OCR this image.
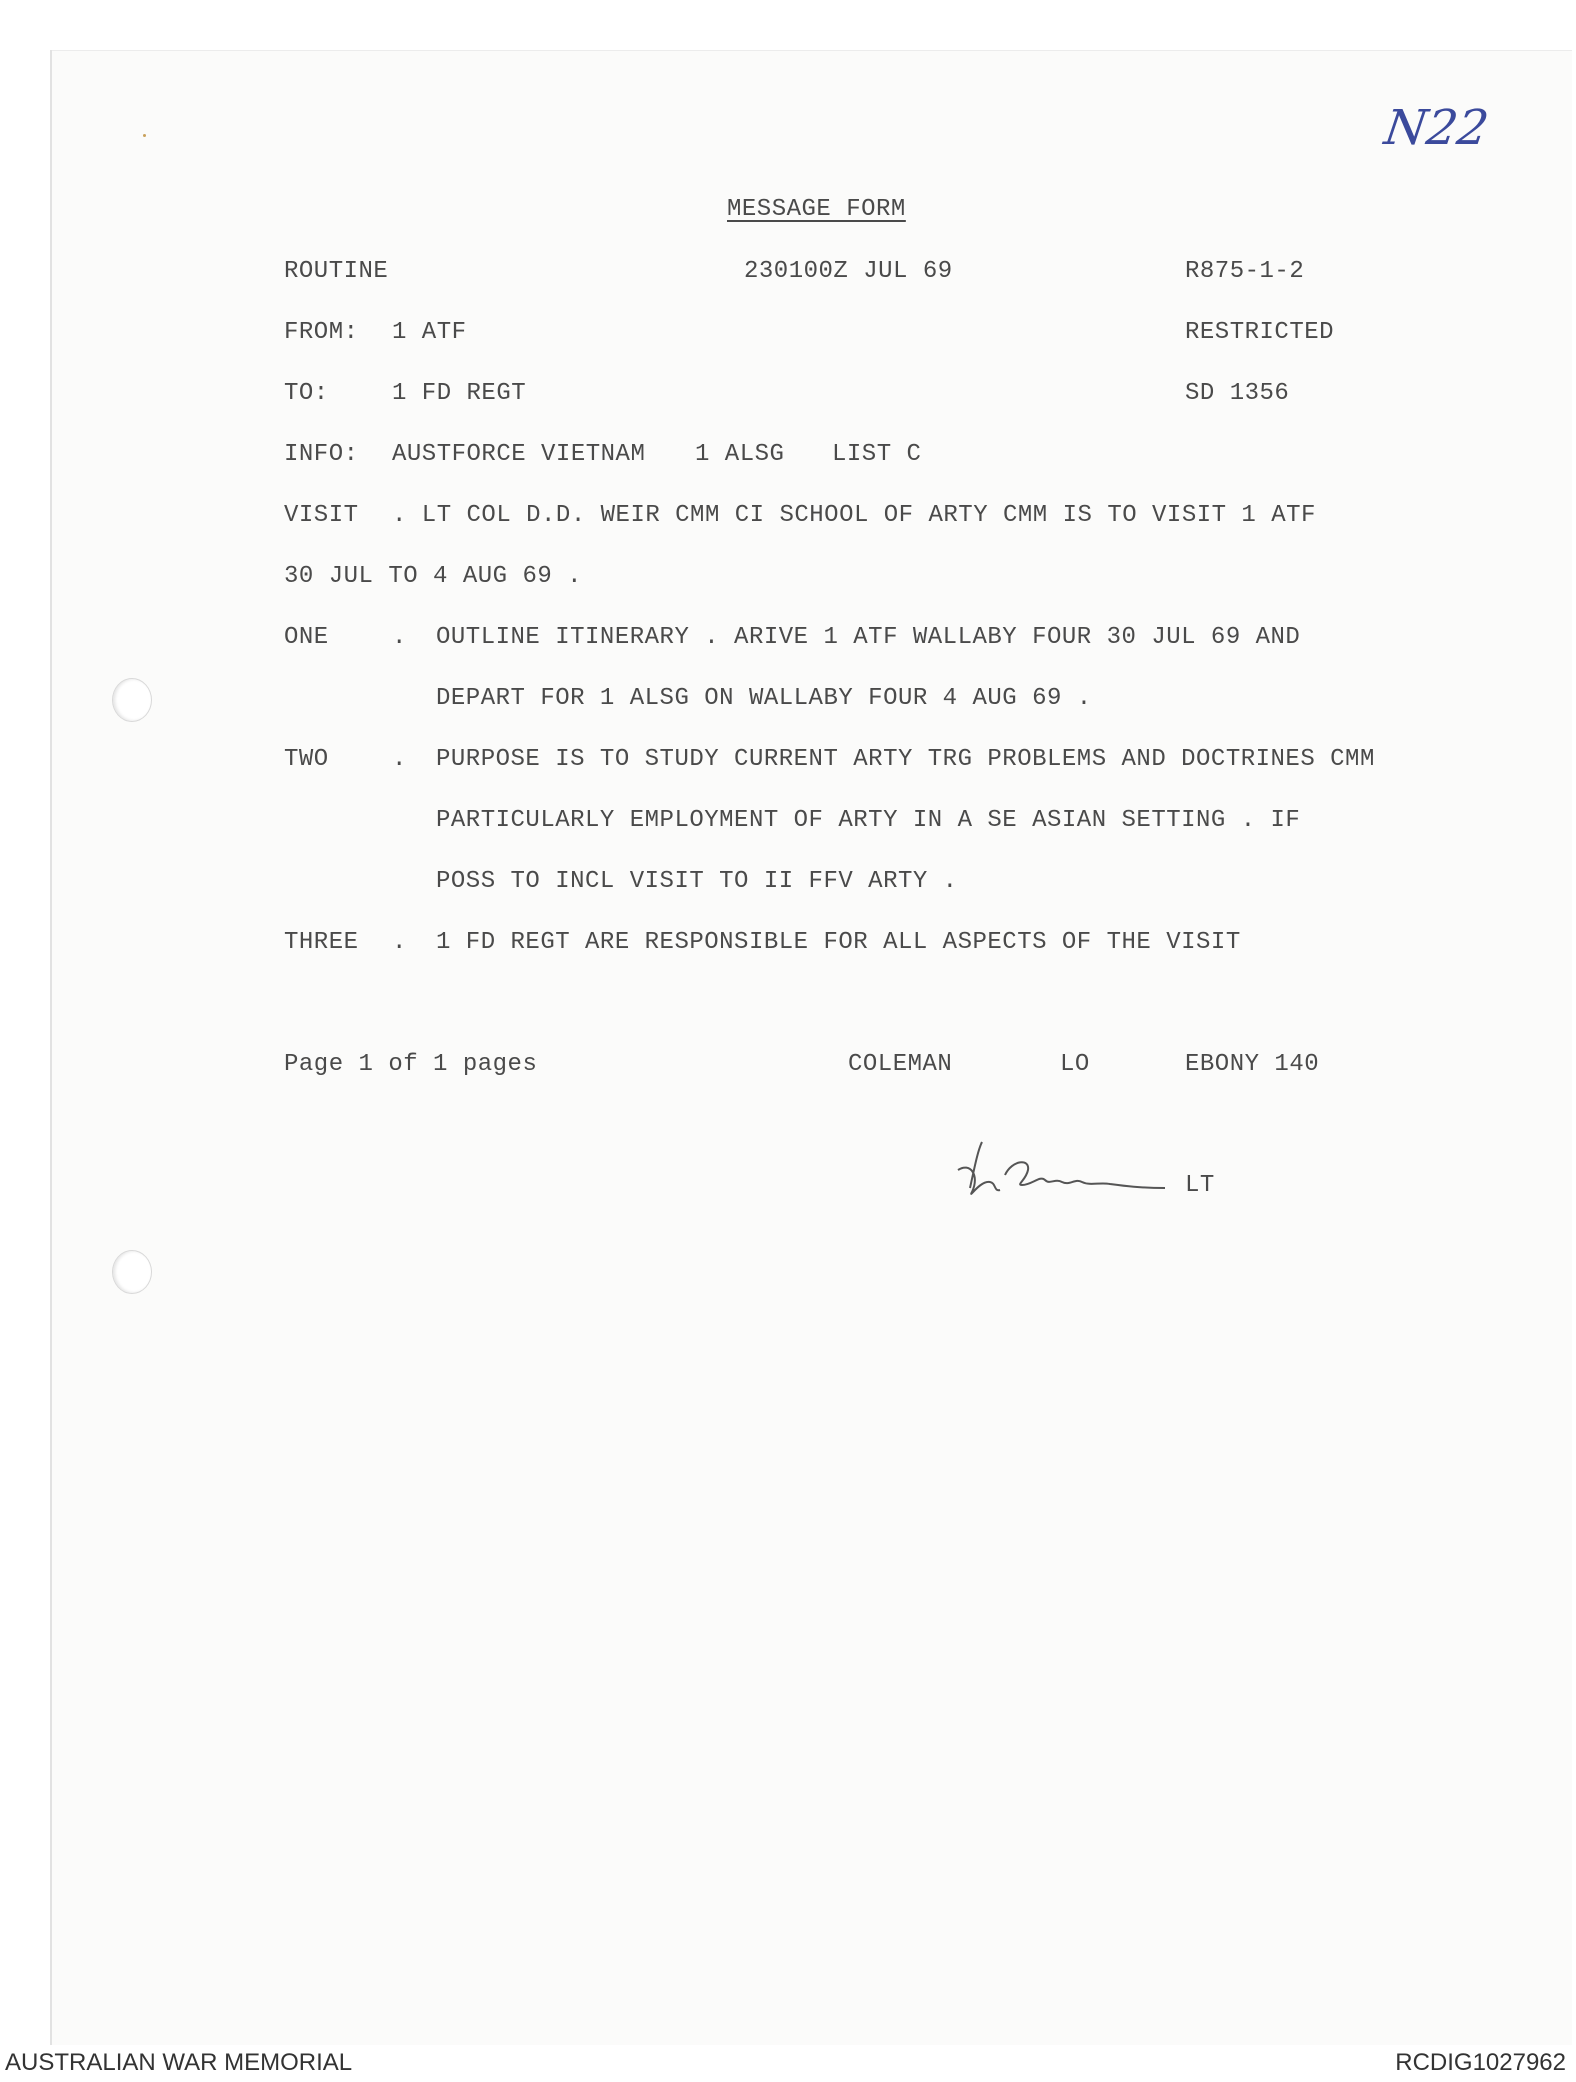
N22
MESSAGE FORM
ROUTINE	230100Z JUL 69	R875-1-2
FROM: 1 ATF	RESTRICTED
TO:	1 FD REGT	SD 1356
INFO: AUSTFORCE VIETNAM 1 ALSG LIST C
VISIT . LT COL D.D. WEIR CMM CI SCHOOL OF ARTY CMM IS TO VISIT 1 ATF
30 JUL TO 4 AUG 69 .
ONE	. OUTLINE ITINERARY . ARIVE 1 ATF WALLABY FOUR 30 JUL 69 AND
DEPART FOR 1 ALSG ON WALLABY FOUR 4 AUG 69 .
TWO	. PURPOSE IS TO STUDY CURRENT ARTY TRG PROBLEMS AND DOCTRINES CMM
PARTICULARLY EMPLOYMENT OF ARTY IN A SE ASIAN SETTING . IF
POSS TO INCL VISIT TO II FFV ARTY .
THREE . 1 FD REGT ARE RESPONSIBLE FOR ALL ASPECTS OF THE VISIT
Page 1 of 1 pages	COLEMAN	LO	EBONY 140
LT
AUSTRALIAN WAR MEMORIAL	RCDIG1027962
